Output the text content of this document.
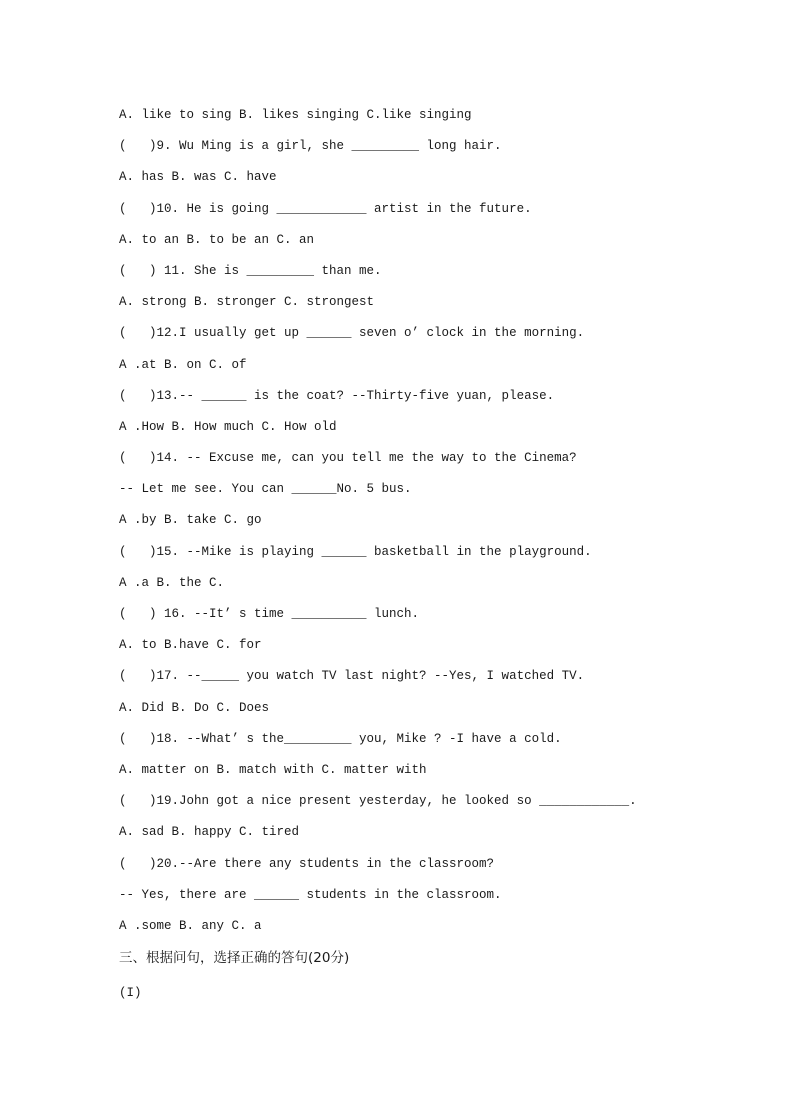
A. like to sing B. likes singing C.like singing
(   )9. Wu Ming is a girl, she _________ long hair.
A. has B. was C. have
(   )10. He is going ____________ artist in the future.
A. to an B. to be an C. an
(   ) 11. She is _________ than me.
A. strong B. stronger C. strongest
(   )12.I usually get up ______ seven o’ clock in the morning.
A .at B. on C. of
(   )13.-- ______ is the coat? --Thirty-five yuan, please.
A .How B. How much C. How old
(   )14. -- Excuse me, can you tell me the way to the Cinema?
-- Let me see. You can ______No. 5 bus.
A .by B. take C. go
(   )15. --Mike is playing ______ basketball in the playground.
A .a B. the C.
(   ) 16. --It’ s time __________ lunch.
A. to B.have C. for
(   )17. --_____ you watch TV last night? --Yes, I watched TV.
A. Did B. Do C. Does
(   )18. --What’ s the_________ you, Mike ? -I have a cold.
A. matter on B. match with C. matter with
(   )19.John got a nice present yesterday, he looked so ____________.
A. sad B. happy C. tired
(   )20.--Are there any students in the classroom?
-- Yes, there are ______ students in the classroom.
A .some B. any C. a
三、根据问句，选择正确的答句(20分)
(I)
